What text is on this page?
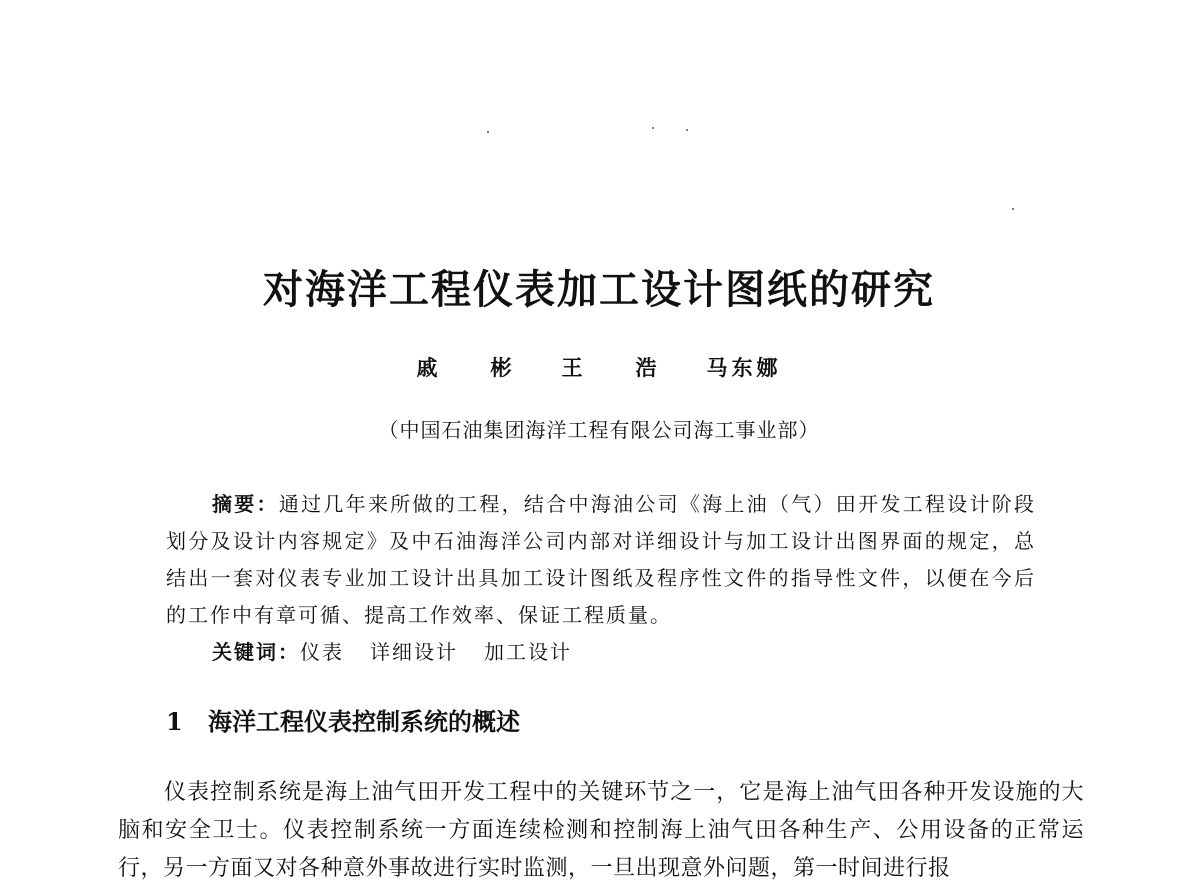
对海洋工程仪表加工设计图纸的研究
戚　彬 王　浩 马东娜
（中国石油集团海洋工程有限公司海工事业部）

摘要：通过几年来所做的工程，结合中海油公司《海上油（气）田开发工程设计阶段划分及设计内容规定》及中石油海洋公司内部对详细设计与加工设计出图界面的规定，总结出一套对仪表专业加工设计出具加工设计图纸及程序性文件的指导性文件，以便在今后的工作中有章可循、提高工作效率、保证工程质量。

关键词：仪表 详细设计 加工设计
1 海洋工程仪表控制系统的概述

仪表控制系统是海上油气田开发工程中的关键环节之一，它是海上油气田各种开发设施的大脑和安全卫士。仪表控制系统一方面连续检测和控制海上油气田各种生产、公用设备的正常运行，另一方面又对各种意外事故进行实时监测，一旦出现意外问题，第一时间进行报
